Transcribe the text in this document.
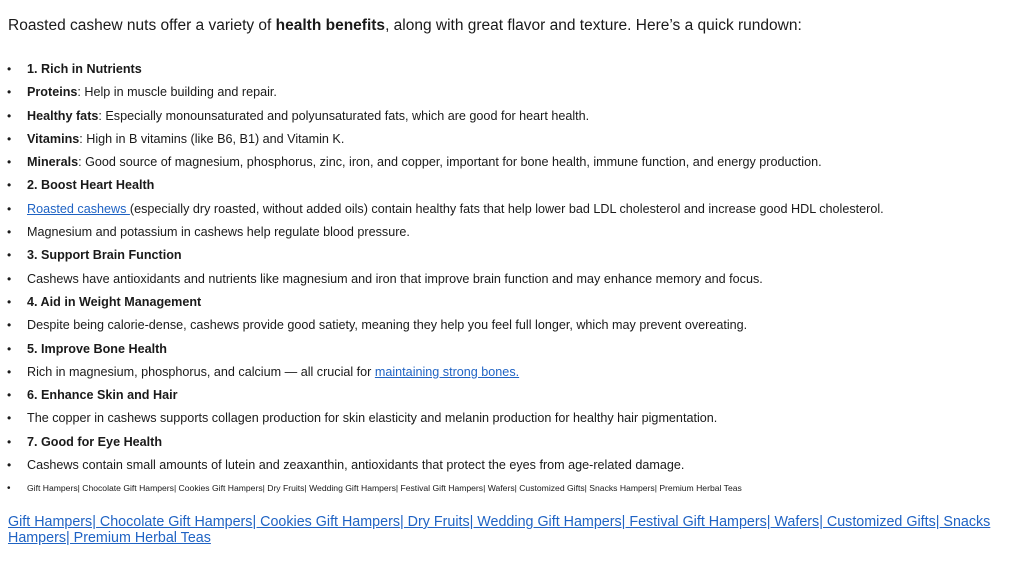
Roasted cashew nuts offer a variety of health benefits, along with great flavor and texture. Here’s a quick rundown:

• 1. Rich in Nutrients
• Proteins: Help in muscle building and repair.
• Healthy fats: Especially monounsaturated and polyunsaturated fats, which are good for heart health.
• Vitamins: High in B vitamins (like B6, B1) and Vitamin K.
• Minerals: Good source of magnesium, phosphorus, zinc, iron, and copper, important for bone health, immune function, and energy production.
• 2. Boost Heart Health
• Roasted cashews (especially dry roasted, without added oils) contain healthy fats that help lower bad LDL cholesterol and increase good HDL cholesterol.
• Magnesium and potassium in cashews help regulate blood pressure.
• 3. Support Brain Function
• Cashews have antioxidants and nutrients like magnesium and iron that improve brain function and may enhance memory and focus.
• 4. Aid in Weight Management
• Despite being calorie-dense, cashews provide good satiety, meaning they help you feel full longer, which may prevent overeating.
• 5. Improve Bone Health
• Rich in magnesium, phosphorus, and calcium — all crucial for maintaining strong bones.
• 6. Enhance Skin and Hair
• The copper in cashews supports collagen production for skin elasticity and melanin production for healthy hair pigmentation.
• 7. Good for Eye Health
• Cashews contain small amounts of lutein and zeaxanthin, antioxidants that protect the eyes from age-related damage.
• Gift Hampers| Chocolate Gift Hampers| Cookies Gift Hampers| Dry Fruits| Wedding Gift Hampers| Festival Gift Hampers| Wafers| Customized Gifts| Snacks Hampers| Premium Herbal Teas
Gift Hampers| Chocolate Gift Hampers| Cookies Gift Hampers| Dry Fruits| Wedding Gift Hampers| Festival Gift Hampers| Wafers| Customized Gifts| Snacks Hampers| Premium Herbal Teas
